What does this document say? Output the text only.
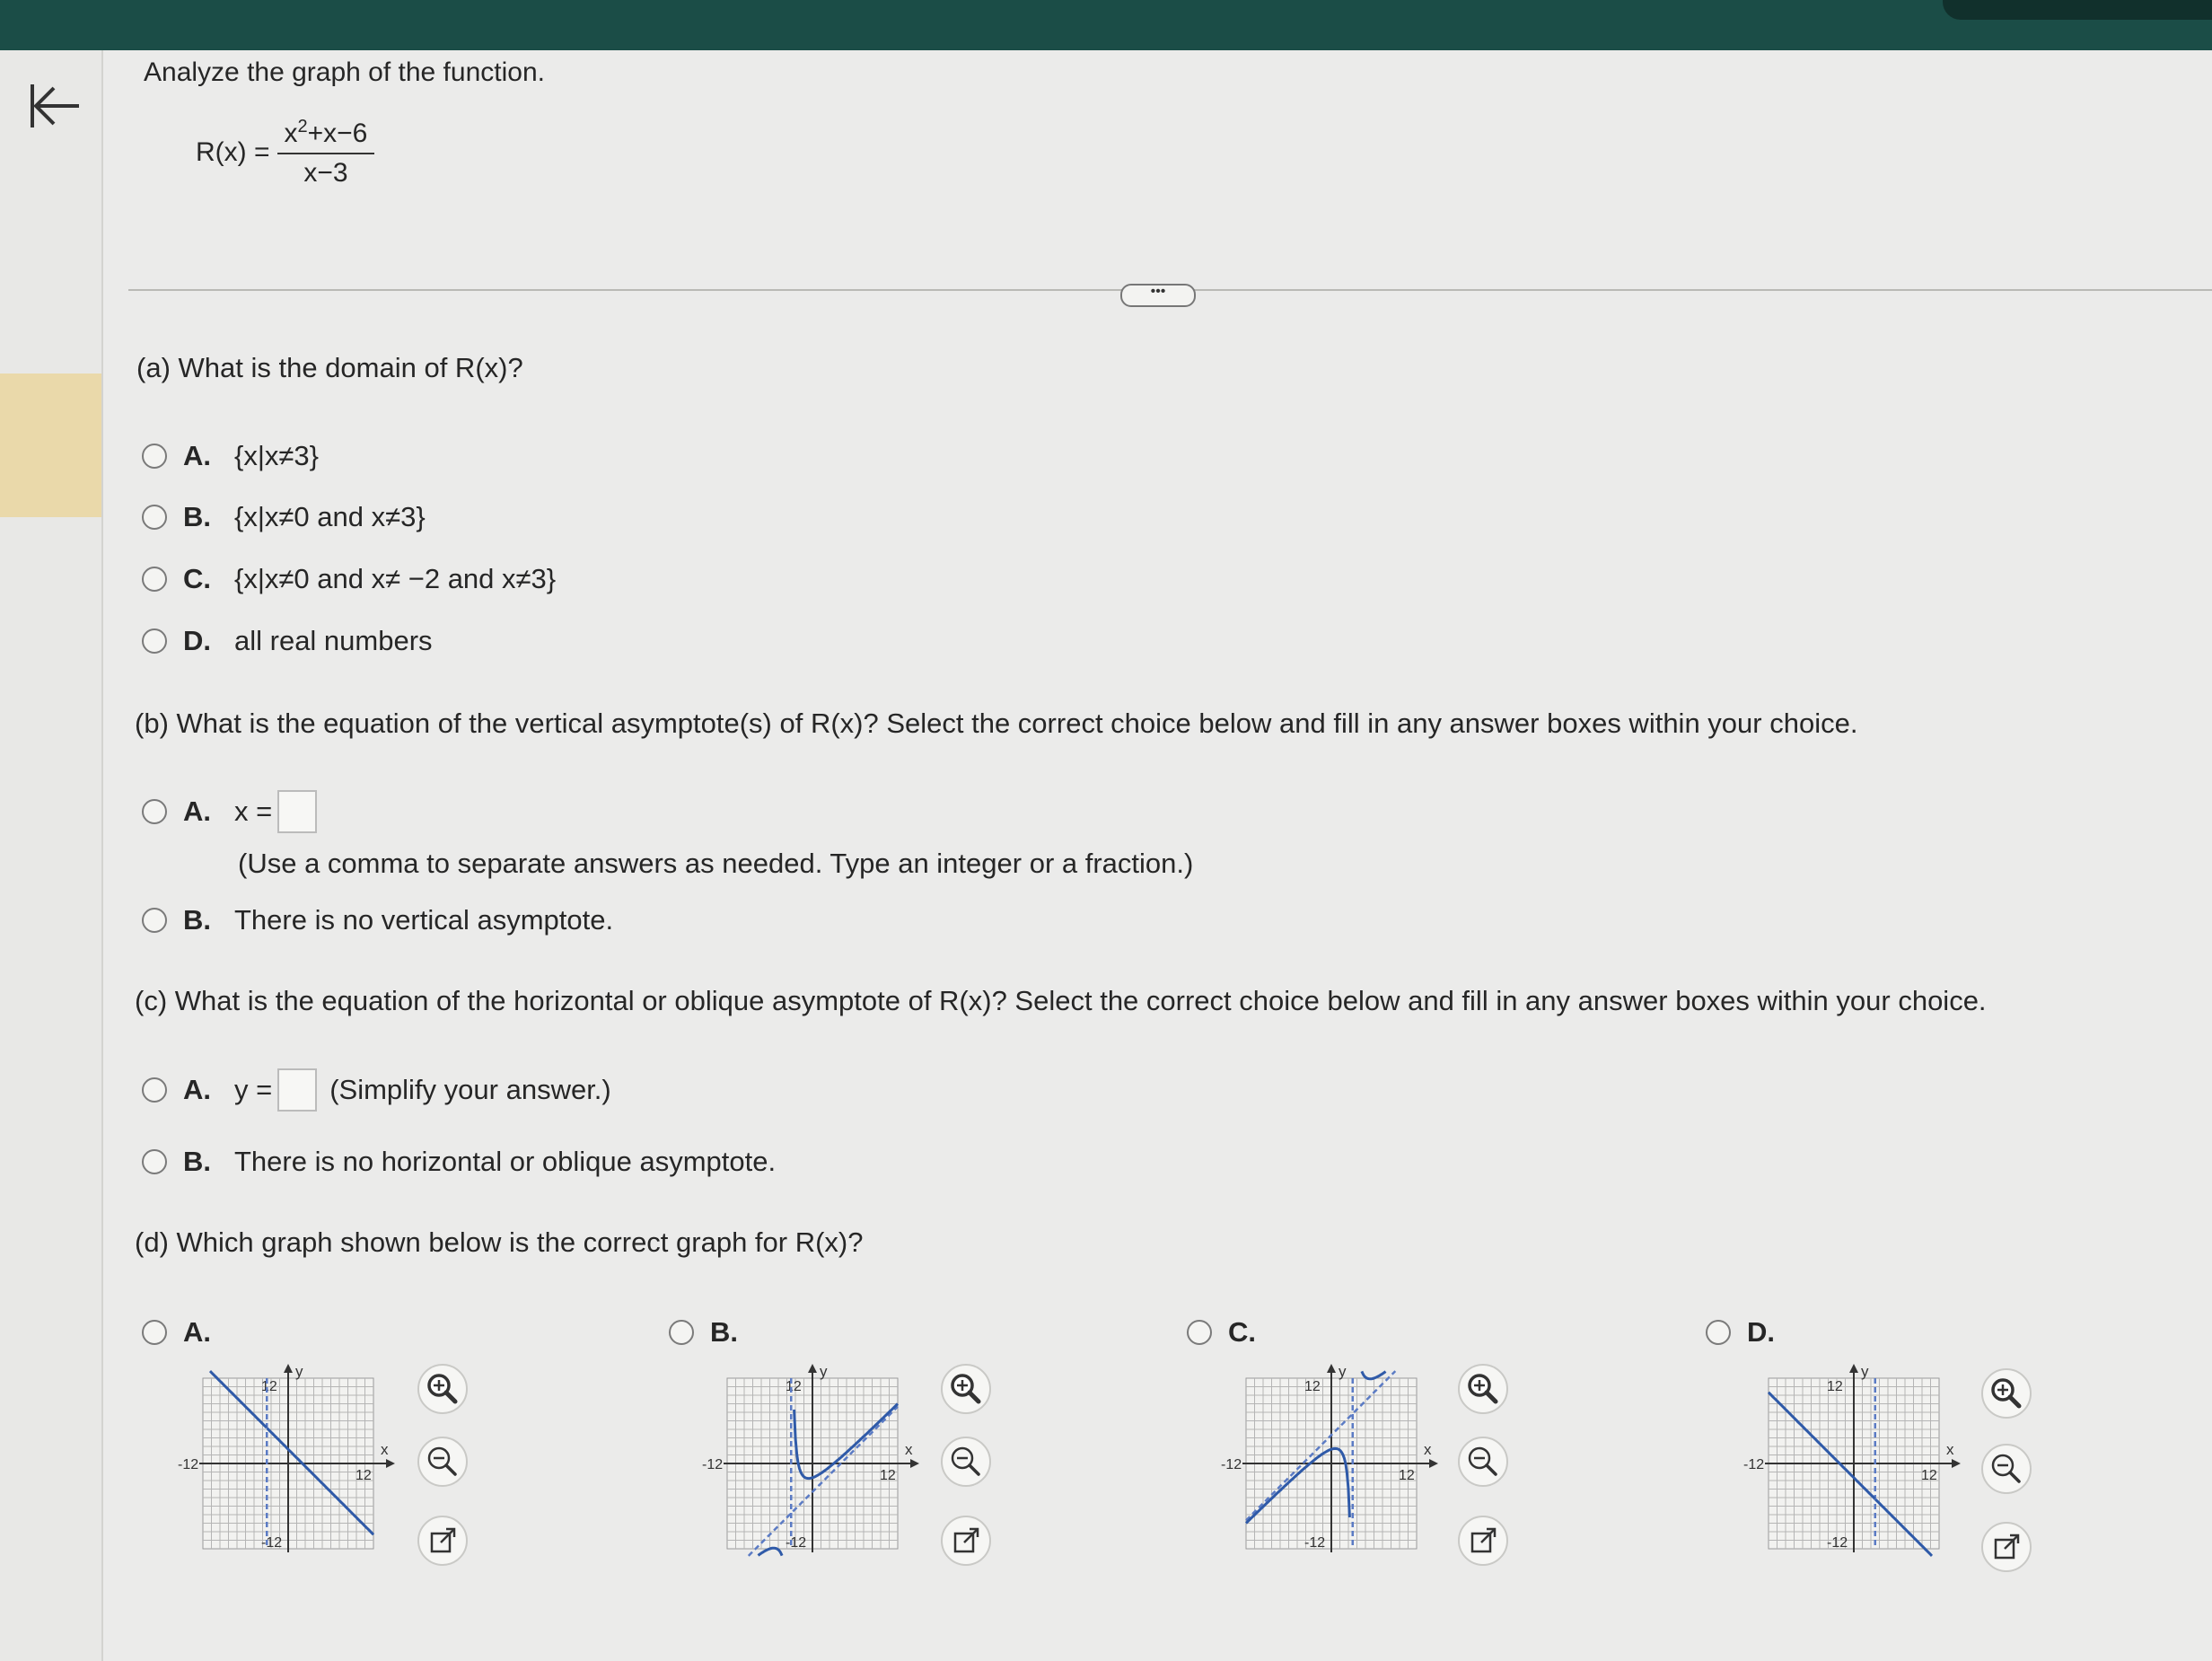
Analyze the graph of the function.

$R(x) = \frac{x^2+x-6}{x-3}$
•••

(a) What is the domain of R(x)?

A. {x|x≠3}
B. {x|x≠0 and x≠3}
C. {x|x≠0 and x≠ −2 and x≠3}
D. all real numbers

(b) What is the equation of the vertical asymptote(s) of R(x)? Select the correct choice below and fill in any answer boxes within your choice.

A. x =
(Use a comma to separate answers as needed. Type an integer or a fraction.)
B. There is no vertical asymptote.

(c) What is the equation of the horizontal or oblique asymptote of R(x)? Select the correct choice below and fill in any answer boxes within your choice.

A. y = (Simplify your answer.)
B. There is no horizontal or oblique asymptote.

(d) Which graph shown below is the correct graph for R(x)?

A.	B.	C.	D.
x
y
12
-12
-12
12
x
y
12
-12
-12
12
x
y
12
-12
-12
12
x
y
12
-12
-12
12
